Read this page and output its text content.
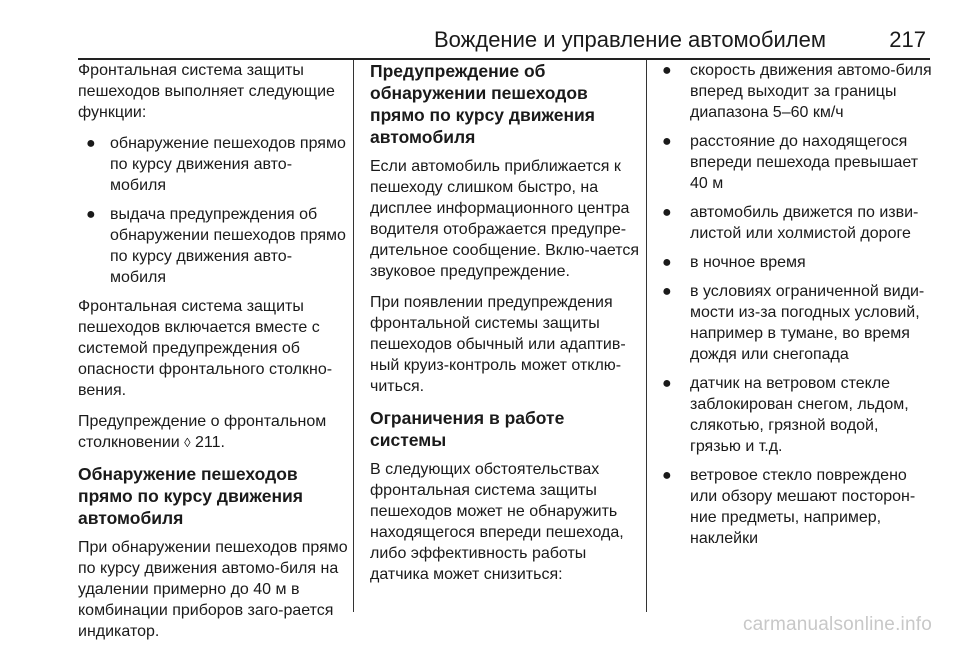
Вождение и управление автомобилем	217

Фронтальная система защиты пешеходов выполняет следующие функции:

● обнаружение пешеходов прямо по курсу движения авто-мобиля
● выдача предупреждения об обнаружении пешеходов прямо по курсу движения авто-мобиля

Фронтальная система защиты пешеходов включается вместе с системой предупреждения об опасности фронтального столкно-вения.

Предупреждение о фронтальном столкновении ◊ 211.

Обнаружение пешеходов прямо по курсу движения автомобиля

При обнаружении пешеходов прямо по курсу движения автомо-биля на удалении примерно до 40 м в комбинации приборов заго-рается индикатор.

Предупреждение об обнаружении пешеходов прямо по курсу движения автомобиля

Если автомобиль приближается к пешеходу слишком быстро, на дисплее информационного центра водителя отображается предупре-дительное сообщение. Вклю-чается звуковое предупреждение.

При появлении предупреждения фронтальной системы защиты пешеходов обычный или адаптив-ный круиз-контроль может отклю-читься.

Ограничения в работе системы

В следующих обстоятельствах фронтальная система защиты пешеходов может не обнаружить находящегося впереди пешехода, либо эффективность работы датчика может снизиться:

● скорость движения автомо-биля вперед выходит за границы диапазона 5–60 км/ч
● расстояние до находящегося впереди пешехода превышает 40 м
● автомобиль движется по изви-листой или холмистой дороге
● в ночное время
● в условиях ограниченной види-мости из-за погодных условий, например в тумане, во время дождя или снегопада
● датчик на ветровом стекле заблокирован снегом, льдом, слякотью, грязной водой, грязью и т.д.
● ветровое стекло повреждено или обзору мешают посторон-ние предметы, например, наклейки
carmanualsonline.info
